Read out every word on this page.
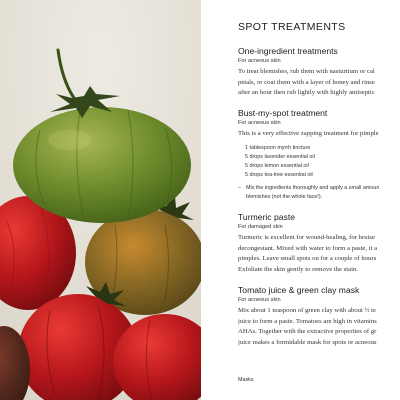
SPOT TREATMENTS
One-ingredient treatments
For acneous skin
To treat blemishes, rub them with nasturtium or cal
petals, or coat them with a layer of honey and rinse
after an hour then rub lightly with highly antiseptic
Bust-my-spot treatment
For acneous skin
This is a very effective zapping treatment for pimple
1 tablespoon myrrh tincture
5 drops lavender essential oil
5 drops lemon essential oil
5 drops tea-tree essential oil
– Mix the ingredients thoroughly and apply a small amoun
blemishes (not the whole face!).
Turmeric paste
For damaged skin
Turmeric is excellent for wound-healing, for bruise
decongestant. Mixed with water to form a paste, it a
pimples. Leave small spots on for a couple of hours
Exfoliate the skin gently to remove the stain.
Tomato juice & green clay mask
For acneous skin
Mix about 1 teaspoon of green clay with about ½ te
juice to form a paste. Tomatoes are high in vitamins
AHAs. Together with the extractive properties of gr
juice makes a formidable mask for spots or acneous
Masks
